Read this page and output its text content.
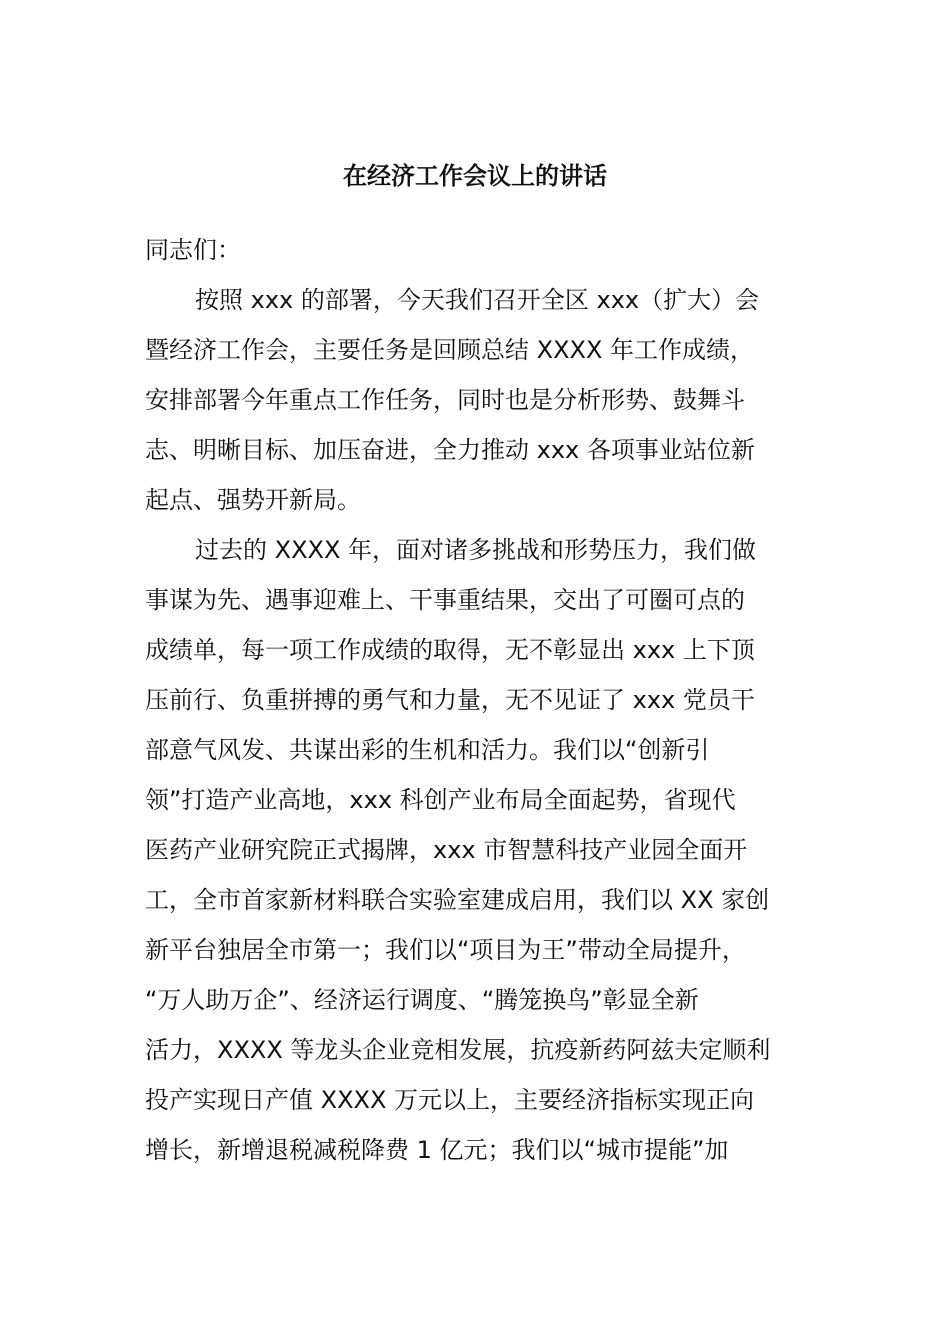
在经济工作会议上的讲话
同志们：
按照 xxx 的部署，今天我们召开全区 xxx（扩大）会
暨经济工作会，主要任务是回顾总结 XXXX 年工作成绩，
安排部署今年重点工作任务，同时也是分析形势、鼓舞斗
志、明晰目标、加压奋进，全力推动 xxx 各项事业站位新
起点、强势开新局。
过去的 XXXX 年，面对诸多挑战和形势压力，我们做
事谋为先、遇事迎难上、干事重结果，交出了可圈可点的
成绩单，每一项工作成绩的取得，无不彰显出 xxx 上下顶
压前行、负重拼搏的勇气和力量，无不见证了 xxx 党员干
部意气风发、共谋出彩的生机和活力。我们以“创新引
领”打造产业高地，xxx 科创产业布局全面起势，省现代
医药产业研究院正式揭牌，xxx 市智慧科技产业园全面开
工，全市首家新材料联合实验室建成启用，我们以 XX 家创
新平台独居全市第一；我们以“项目为王”带动全局提升，
“万人助万企”、经济运行调度、“腾笼换鸟”彰显全新
活力，XXXX 等龙头企业竞相发展，抗疫新药阿兹夫定顺利
投产实现日产值 XXXX 万元以上，主要经济指标实现正向
增长，新增退税减税降费 1 亿元；我们以“城市提能”加
